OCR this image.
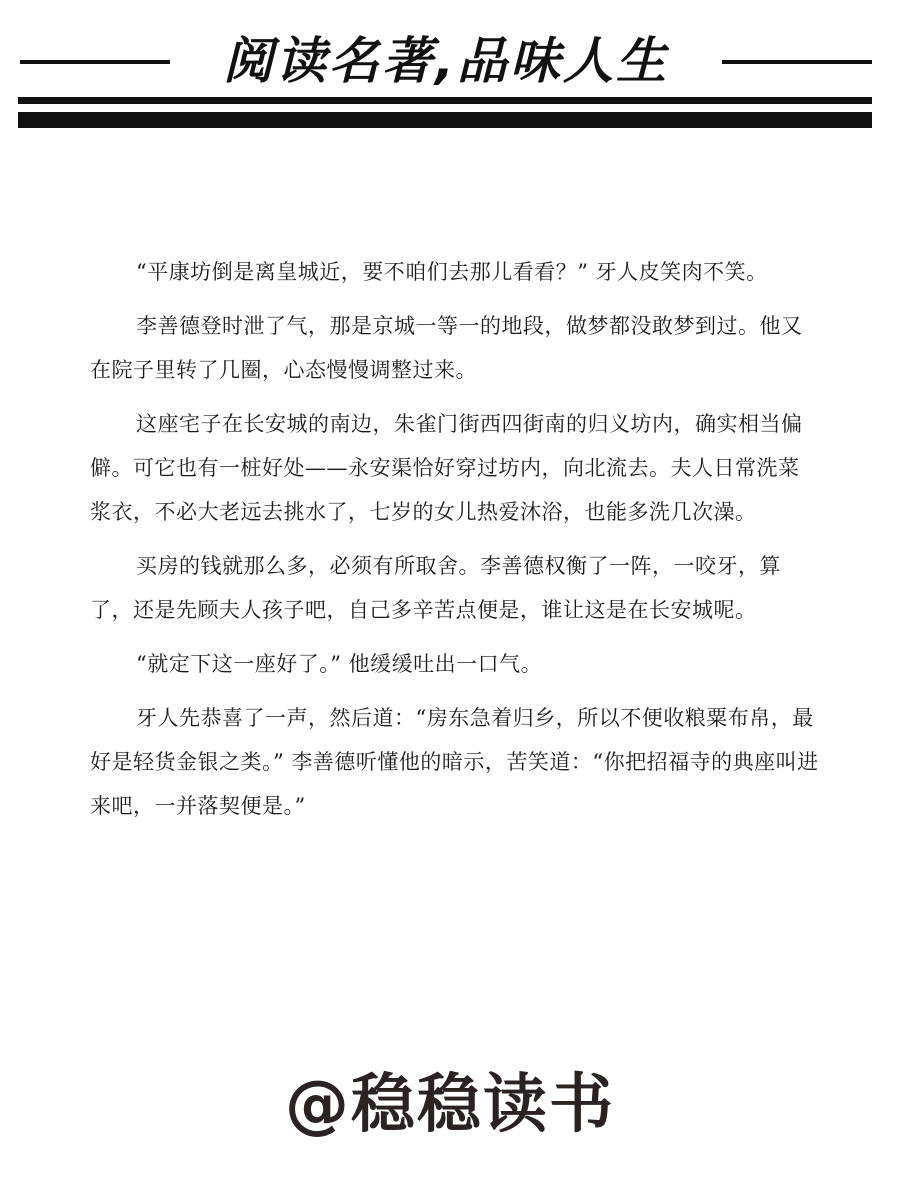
阅读名著,品味人生

“平康坊倒是离皇城近，要不咱们去那儿看看？” 牙人皮笑肉不笑。

李善德登时泄了气，那是京城一等一的地段，做梦都没敢梦到过。他又在院子里转了几圈，心态慢慢调整过来。

这座宅子在长安城的南边，朱雀门街西四街南的归义坊内，确实相当偏僻。可它也有一桩好处——永安渠恰好穿过坊内，向北流去。夫人日常洗菜浆衣，不必大老远去挑水了，七岁的女儿热爱沐浴，也能多洗几次澡。

买房的钱就那么多，必须有所取舍。李善德权衡了一阵，一咬牙，算了，还是先顾夫人孩子吧，自己多辛苦点便是，谁让这是在长安城呢。

“就定下这一座好了。” 他缓缓吐出一口气。

牙人先恭喜了一声，然后道：“房东急着归乡，所以不便收粮粟布帛，最好是轻货金银之类。” 李善德听懂他的暗示，苦笑道：“你把招福寺的典座叫进来吧，一并落契便是。”

@稳稳读书
